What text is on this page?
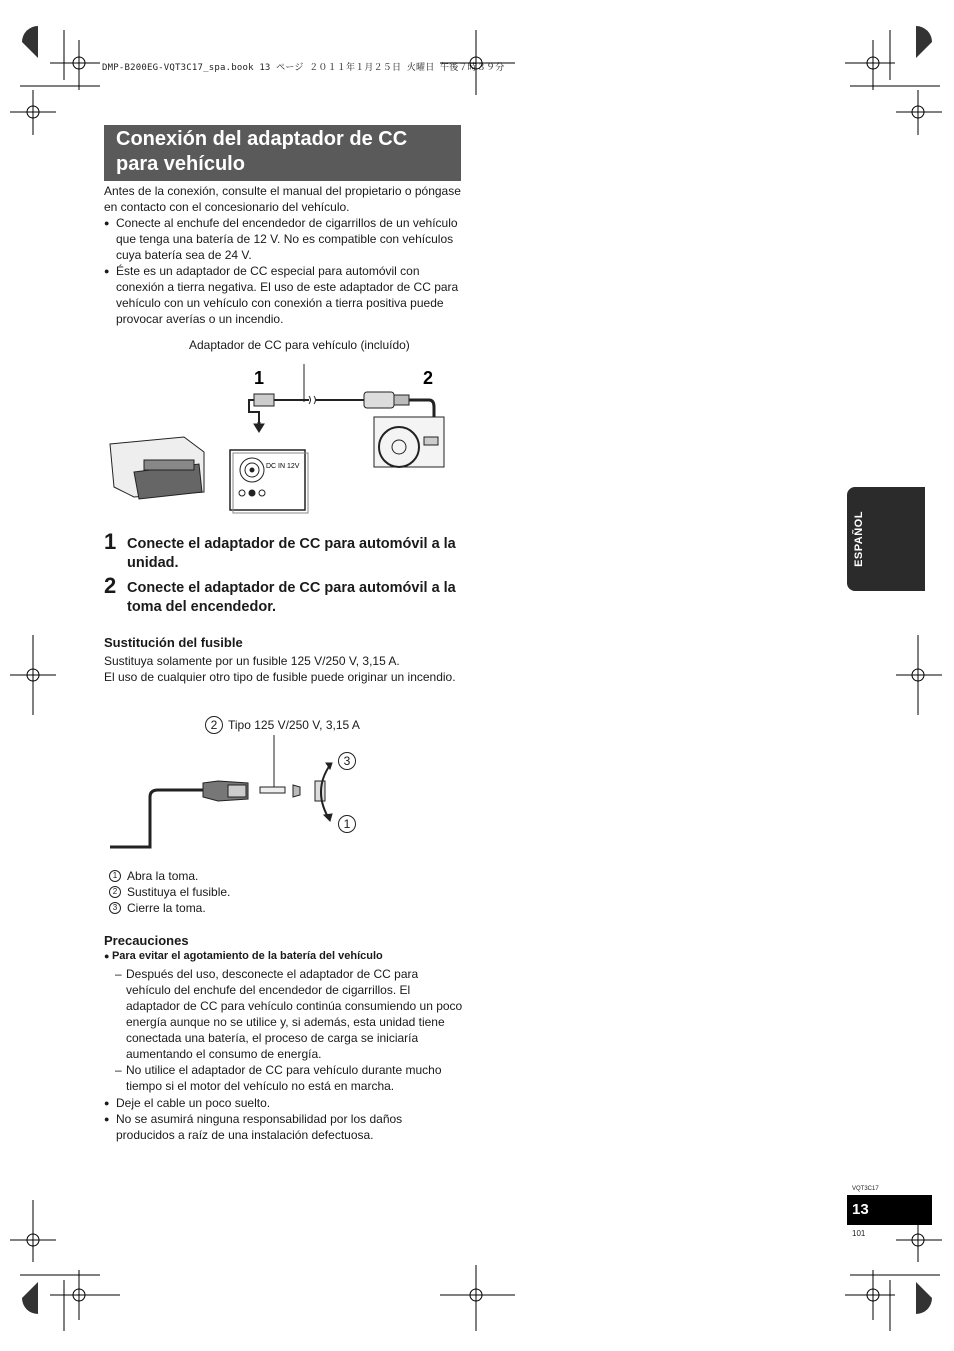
DMP-B200EG-VQT3C17_spa.book 13 ページ ２０１１年１月２５日 火曜日 午後７時３９分
Conexión del adaptador de CC
para vehículo
Antes de la conexión, consulte el manual del propietario o póngase en contacto con el concesionario del vehículo.
● Conecte al enchufe del encendedor de cigarrillos de un vehículo que tenga una batería de 12 V. No es compatible con vehículos cuya batería sea de 24 V.
● Éste es un adaptador de CC especial para automóvil con conexión a tierra negativa. El uso de este adaptador de CC para vehículo con un vehículo con conexión a tierra positiva puede provocar averías o un incendio.
Adaptador de CC para vehículo (incluído)
1	2
DC IN 12V
1 Conecte el adaptador de CC para automóvil a la unidad.
2 Conecte el adaptador de CC para automóvil a la toma del encendedor.
Sustitución del fusible
Sustituya solamente por un fusible 125 V/250 V, 3,15 A.
El uso de cualquier otro tipo de fusible puede originar un incendio.
2 Tipo 125 V/250 V, 3,15 A
3
1
1 Abra la toma.
2 Sustituya el fusible.
3 Cierre la toma.
Precauciones
● Para evitar el agotamiento de la batería del vehículo
– Después del uso, desconecte el adaptador de CC para vehículo del enchufe del encendedor de cigarrillos. El adaptador de CC para vehículo continúa consumiendo un poco energía aunque no se utilice y, si además, esta unidad tiene conectada una batería, el proceso de carga se iniciaría aumentando el consumo de energía.
– No utilice el adaptador de CC para vehículo durante mucho tiempo si el motor del vehículo no está en marcha.
● Deje el cable un poco suelto.
● No se asumirá ninguna responsabilidad por los daños producidos a raíz de una instalación defectuosa.
ESPAÑOL
VQT3C17
13
101
